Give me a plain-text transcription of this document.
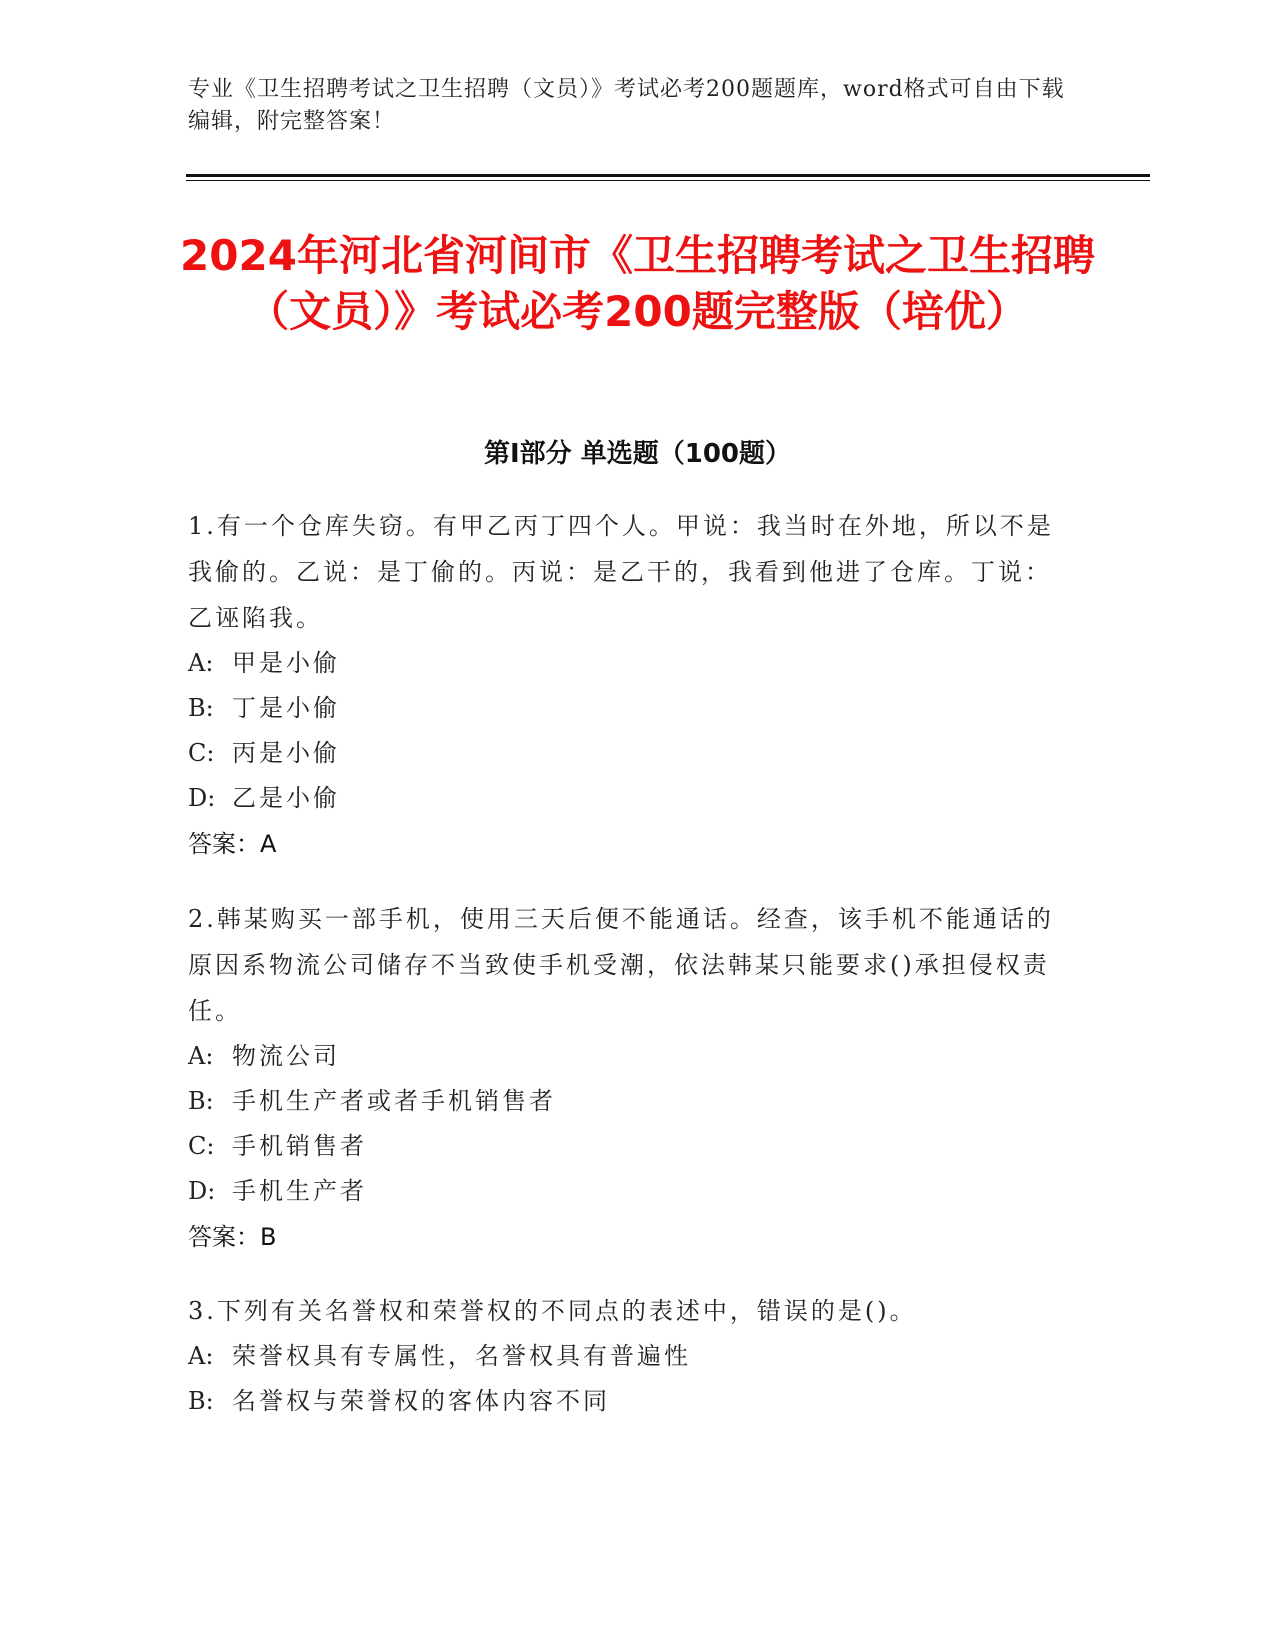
专业《卫生招聘考试之卫生招聘（文员）》考试必考200题题库，word格式可自由下载编辑，附完整答案！
2024年河北省河间市《卫生招聘考试之卫生招聘（文员）》考试必考200题完整版（培优）
第I部分 单选题（100题）

1.有一个仓库失窃。有甲乙丙丁四个人。甲说：我当时在外地，所以不是我偷的。乙说：是丁偷的。丙说：是乙干的，我看到他进了仓库。丁说：乙诬陷我。

A: 甲是小偷

B: 丁是小偷

C: 丙是小偷

D: 乙是小偷

答案：A

2.韩某购买一部手机，使用三天后便不能通话。经查，该手机不能通话的原因系物流公司储存不当致使手机受潮，依法韩某只能要求()承担侵权责任。

A: 物流公司

B: 手机生产者或者手机销售者

C: 手机销售者

D: 手机生产者

答案：B

3.下列有关名誉权和荣誉权的不同点的表述中，错误的是()。

A: 荣誉权具有专属性，名誉权具有普遍性

B: 名誉权与荣誉权的客体内容不同
